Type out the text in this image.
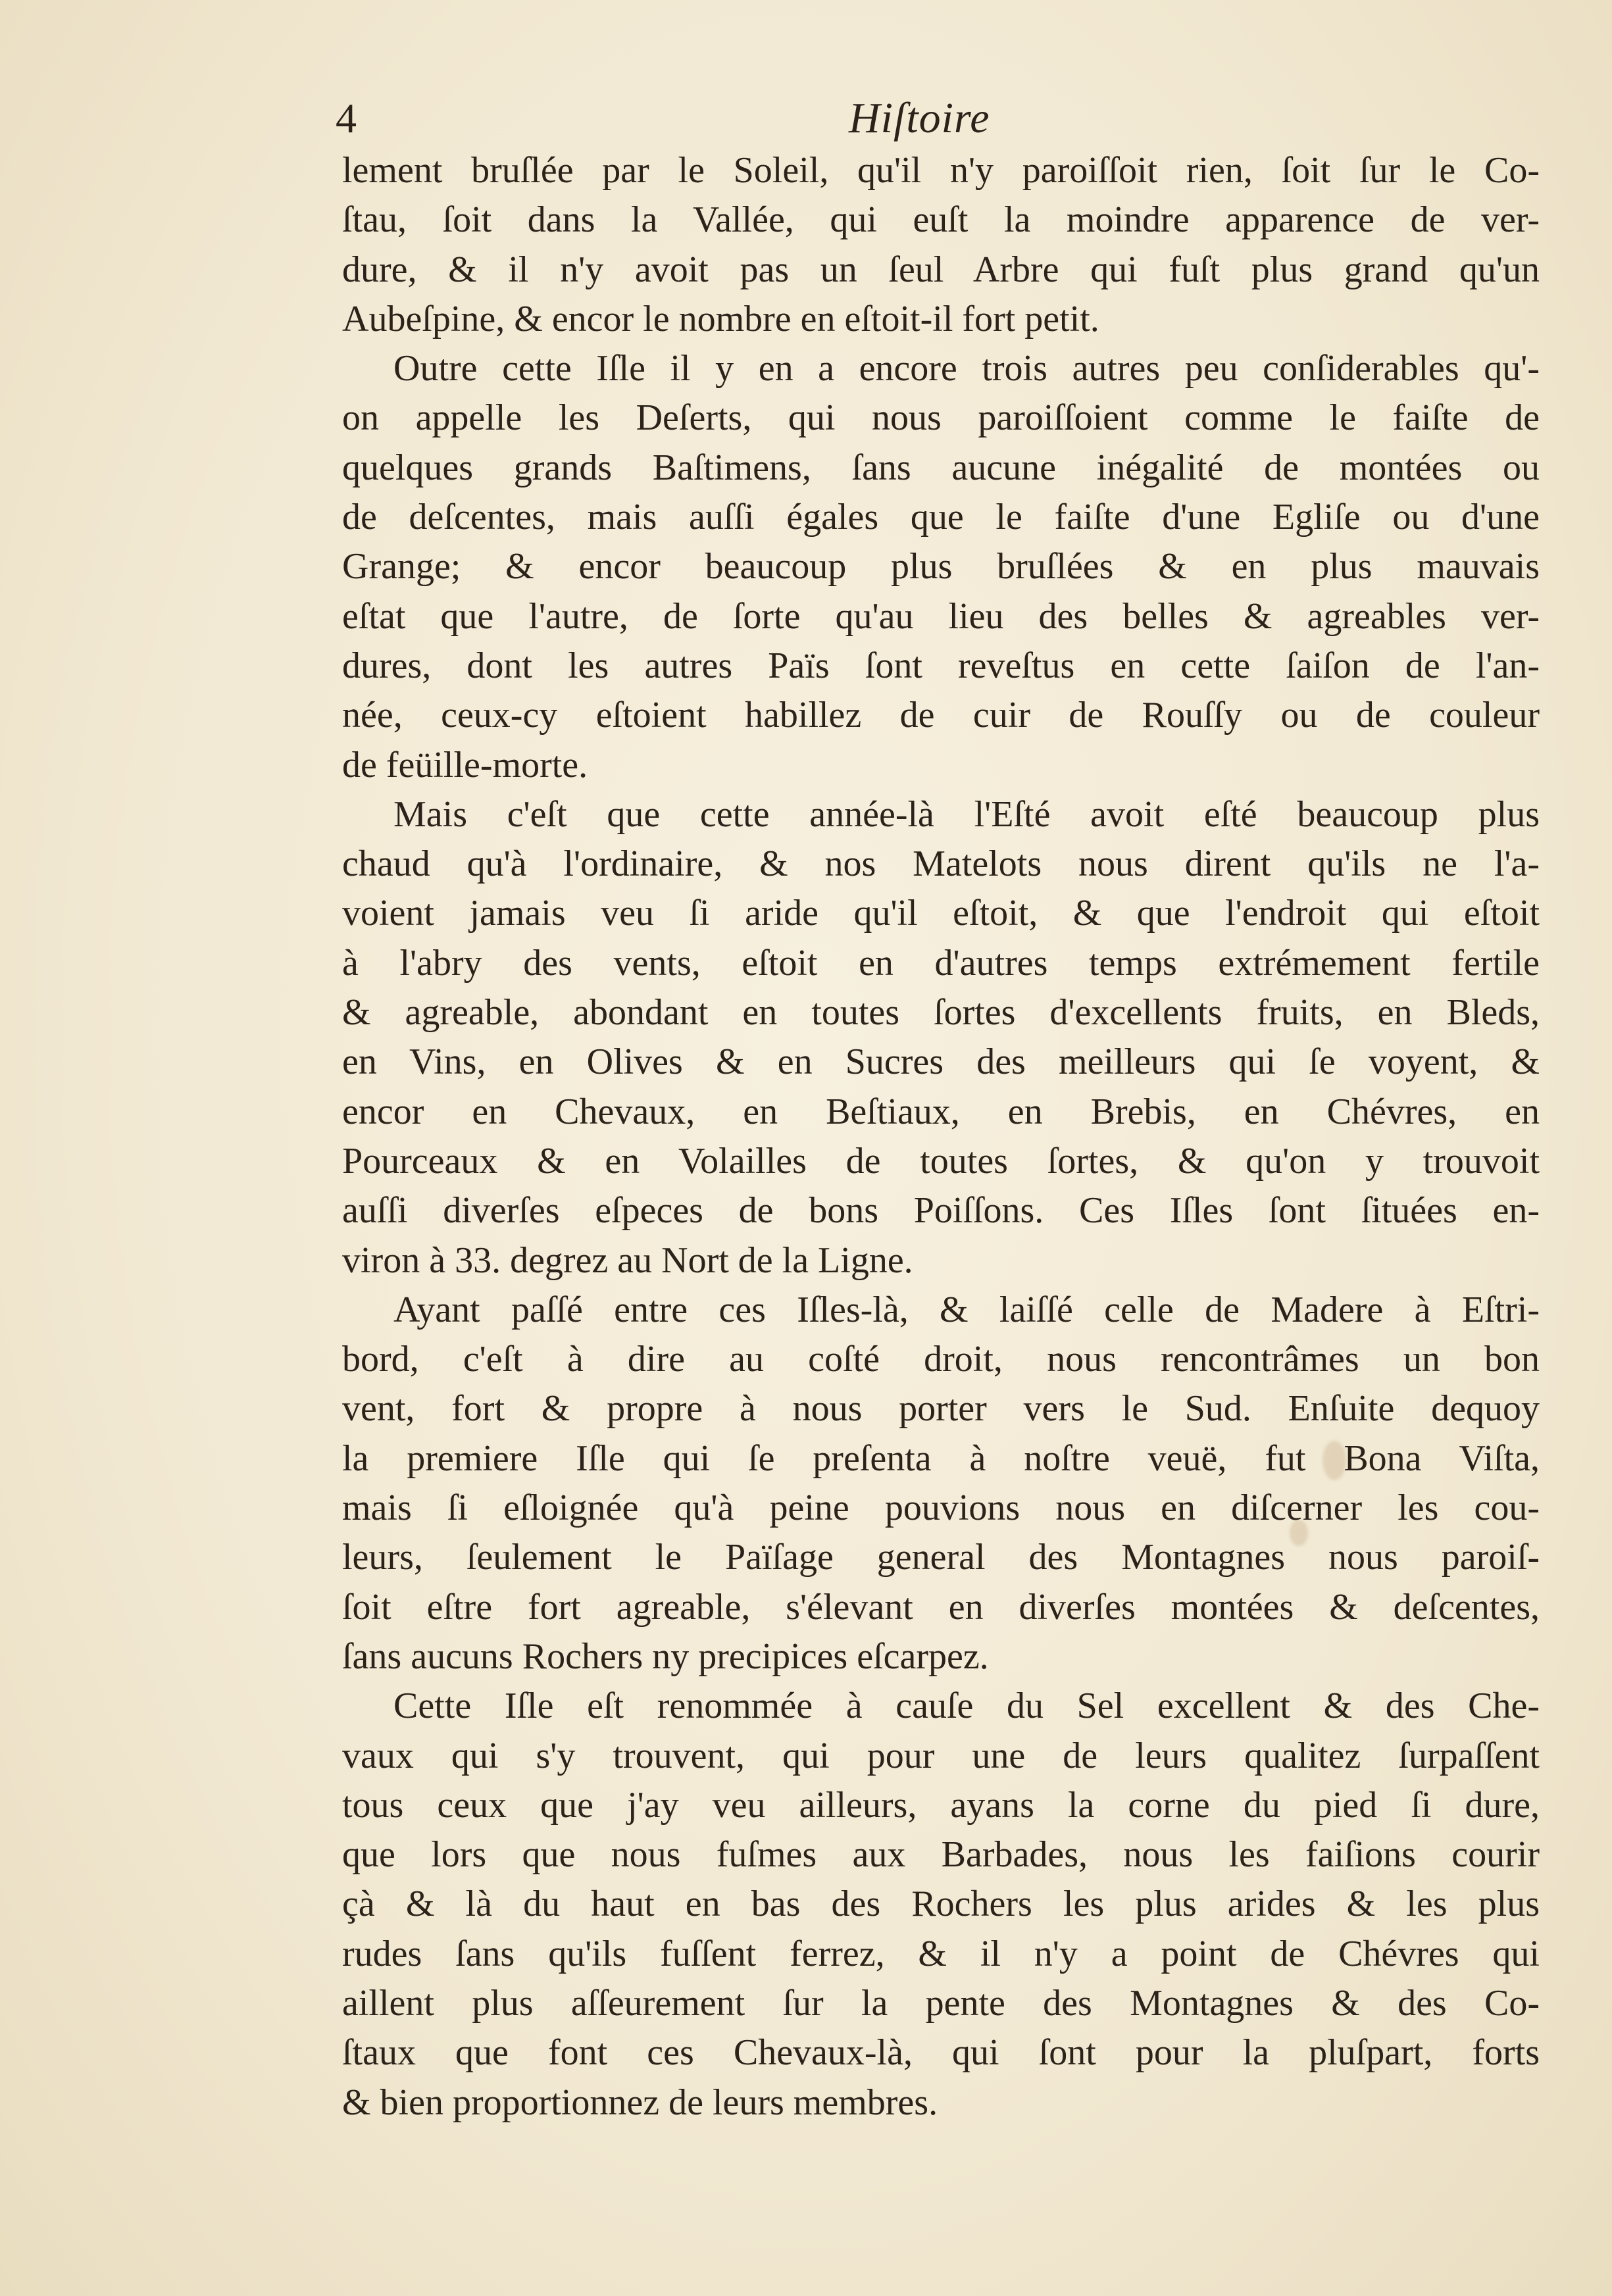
4	Hiſtoire
lement bruſlée par le Soleil, qu'il n'y paroiſſoit rien, ſoit ſur le Co-
ſtau, ſoit dans la Vallée, qui euſt la moindre apparence de ver-
dure, & il n'y avoit pas un ſeul Arbre qui fuſt plus grand qu'un
Aubeſpine, & encor le nombre en eſtoit-il fort petit.
Outre cette Iſle il y en a encore trois autres peu conſiderables qu'-
on appelle les Deſerts, qui nous paroiſſoient comme le faiſte de
quelques grands Baſtimens, ſans aucune inégalité de montées ou
de deſcentes, mais auſſi égales que le faiſte d'une Egliſe ou d'une
Grange; & encor beaucoup plus bruſlées & en plus mauvais
eſtat que l'autre, de ſorte qu'au lieu des belles & agreables ver-
dures, dont les autres Païs ſont reveſtus en cette ſaiſon de l'an-
née, ceux-cy eſtoient habillez de cuir de Rouſſy ou de couleur
de feüille-morte.
Mais c'eſt que cette année-là l'Eſté avoit eſté beaucoup plus
chaud qu'à l'ordinaire, & nos Matelots nous dirent qu'ils ne l'a-
voient jamais veu ſi aride qu'il eſtoit, & que l'endroit qui eſtoit
à l'abry des vents, eſtoit en d'autres temps extrémement fertile
& agreable, abondant en toutes ſortes d'excellents fruits, en Bleds,
en Vins, en Olives & en Sucres des meilleurs qui ſe voyent, &
encor en Chevaux, en Beſtiaux, en Brebis, en Chévres, en
Pourceaux & en Volailles de toutes ſortes, & qu'on y trouvoit
auſſi diverſes eſpeces de bons Poiſſons. Ces Iſles ſont ſituées en-
viron à 33. degrez au Nort de la Ligne.
Ayant paſſé entre ces Iſles-là, & laiſſé celle de Madere à Eſtri-
bord, c'eſt à dire au coſté droit, nous rencontrâmes un bon
vent, fort & propre à nous porter vers le Sud. Enſuite dequoy
la premiere Iſle qui ſe preſenta à noſtre veuë, fut Bona Viſta,
mais ſi eſloignée qu'à peine pouvions nous en diſcerner les cou-
leurs, ſeulement le Païſage general des Montagnes nous paroiſ-
ſoit eſtre fort agreable, s'élevant en diverſes montées & deſcentes,
ſans aucuns Rochers ny precipices eſcarpez.
Cette Iſle eſt renommée à cauſe du Sel excellent & des Che-
vaux qui s'y trouvent, qui pour une de leurs qualitez ſurpaſſent
tous ceux que j'ay veu ailleurs, ayans la corne du pied ſi dure,
que lors que nous fuſmes aux Barbades, nous les faiſions courir
çà & là du haut en bas des Rochers les plus arides & les plus
rudes ſans qu'ils fuſſent ferrez, & il n'y a point de Chévres qui
aillent plus aſſeurement ſur la pente des Montagnes & des Co-
ſtaux que font ces Chevaux-là, qui ſont pour la pluſpart, forts
& bien proportionnez de leurs membres.
